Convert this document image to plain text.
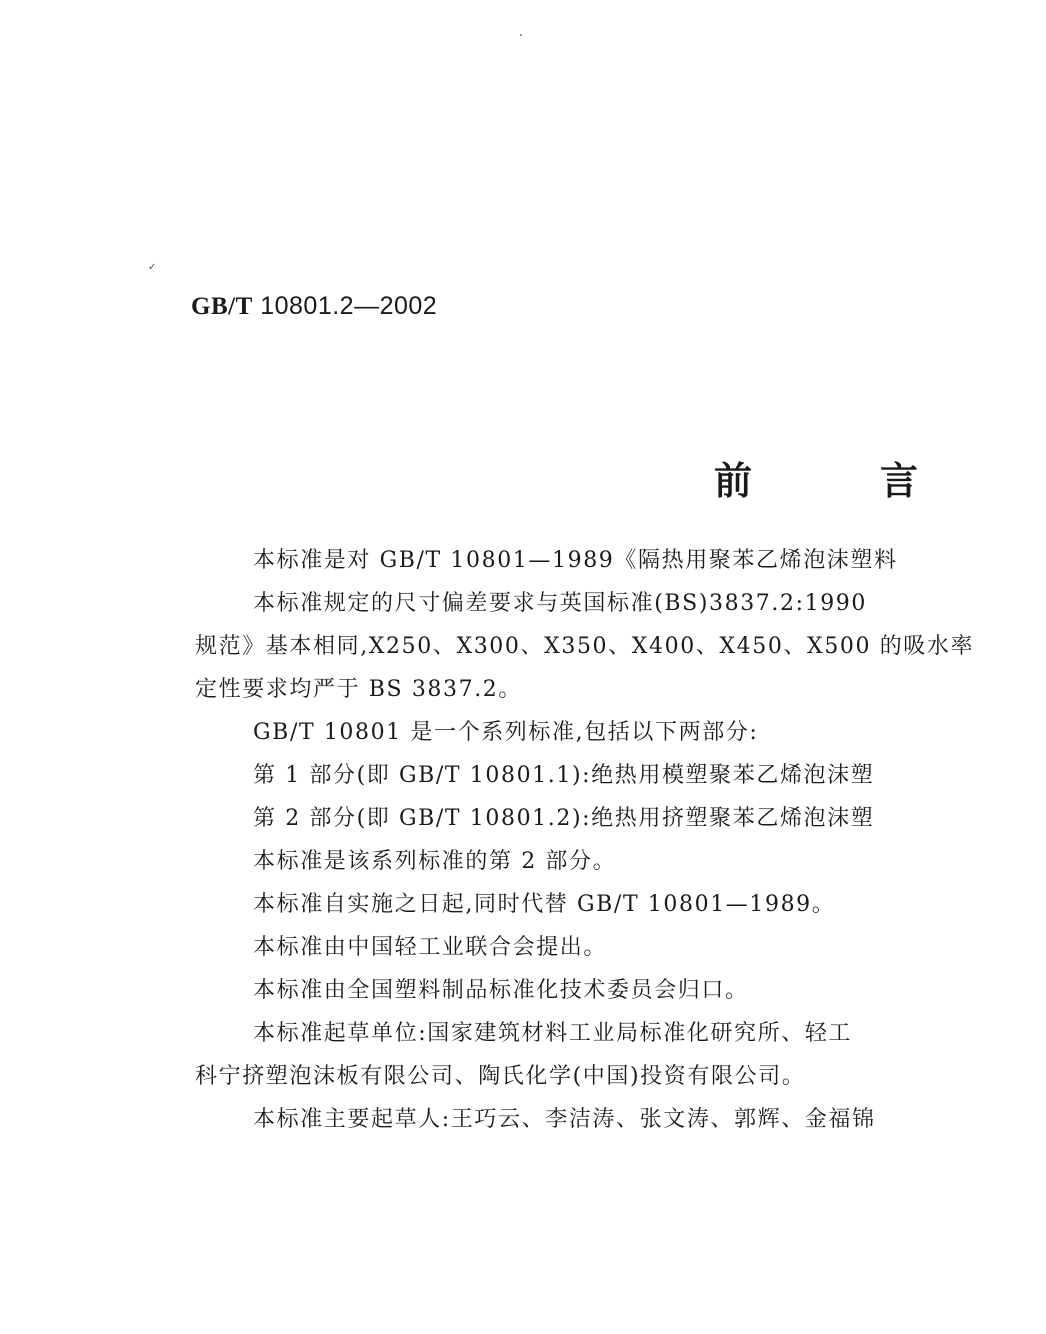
✓
GB/T 10801.2—2002
前言
本标准是对 GB/T 10801—1989《隔热用聚苯乙烯泡沫塑料
本标准规定的尺寸偏差要求与英国标准(BS)3837.2:1990
规范》基本相同,X250、X300、X350、X400、X450、X500 的吸水率
定性要求均严于 BS 3837.2。
GB/T 10801 是一个系列标准,包括以下两部分:
第 1 部分(即 GB/T 10801.1):绝热用模塑聚苯乙烯泡沫塑
第 2 部分(即 GB/T 10801.2):绝热用挤塑聚苯乙烯泡沫塑
本标准是该系列标准的第 2 部分。
本标准自实施之日起,同时代替 GB/T 10801—1989。
本标准由中国轻工业联合会提出。
本标准由全国塑料制品标准化技术委员会归口。
本标准起草单位:国家建筑材料工业局标准化研究所、轻工
科宁挤塑泡沫板有限公司、陶氏化学(中国)投资有限公司。
本标准主要起草人:王巧云、李洁涛、张文涛、郭辉、金福锦
